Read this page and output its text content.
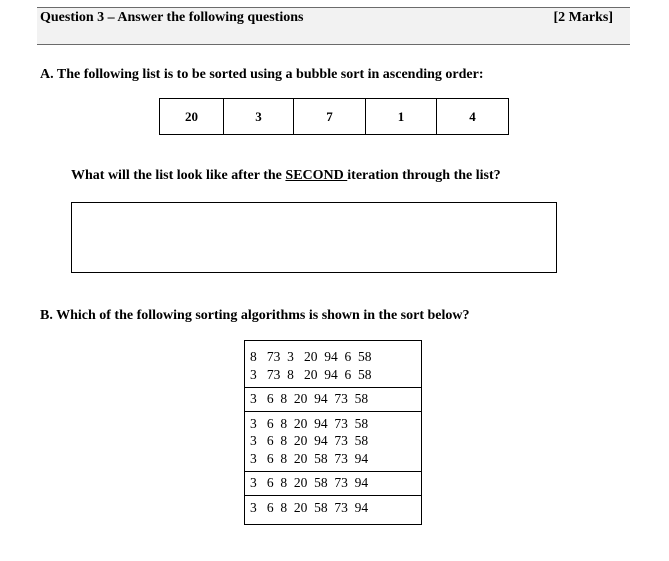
Question 3 – Answer the following questions	[2 Marks]
A. The following list is to be sorted using a bubble sort in ascending order:
20	3	7	1	4
What will the list look like after the SECOND iteration through the list?
B. Which of the following sorting algorithms is shown in the sort below?
8   73  3   20  94  6  58
3   73  8   20  94  6  58
3   6  8  20  94  73  58
3   6  8  20  94  73  58
3   6  8  20  94  73  58
3   6  8  20  58  73  94
3   6  8  20  58  73  94
3   6  8  20  58  73  94
